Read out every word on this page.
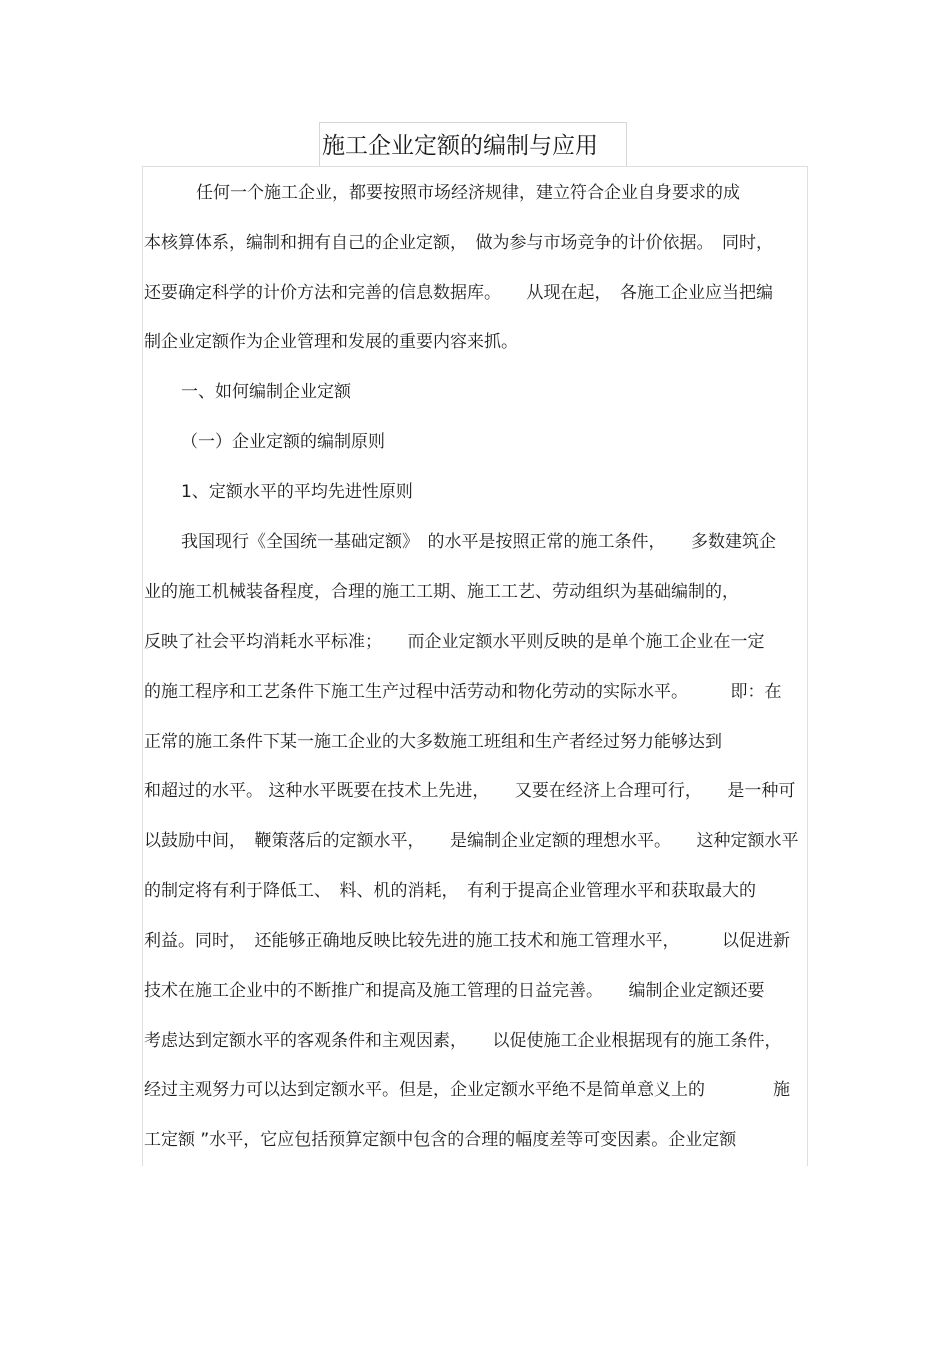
施工企业定额的编制与应用
任何一个施工企业，都要按照市场经济规律，建立符合企业自身要求的成
本核算体系，编制和拥有自己的企业定额，　做为参与市场竞争的计价依据。　同时，
还要确定科学的计价方法和完善的信息数据库。　　从现在起，　各施工企业应当把编
制企业定额作为企业管理和发展的重要内容来抓。
一、如何编制企业定额
（一）企业定额的编制原则
1、定额水平的平均先进性原则
我国现行《全国统一基础定额》　的水平是按照正常的施工条件，　　多数建筑企
业的施工机械装备程度，合理的施工工期、施工工艺、劳动组织为基础编制的，
反映了社会平均消耗水平标准；　　而企业定额水平则反映的是单个施工企业在一定
的施工程序和工艺条件下施工生产过程中活劳动和物化劳动的实际水平。　　　即：在
正常的施工条件下某一施工企业的大多数施工班组和生产者经过努力能够达到
和超过的水平。 这种水平既要在技术上先进，　　又要在经济上合理可行，　　是一种可
以鼓励中间，　鞭策落后的定额水平，　　是编制企业定额的理想水平。　　这种定额水平
的制定将有利于降低工、　料、机的消耗，　有利于提高企业管理水平和获取最大的
利益。同时，　还能够正确地反映比较先进的施工技术和施工管理水平，　　　以促进新
技术在施工企业中的不断推广和提高及施工管理的日益完善。　　编制企业定额还要
考虑达到定额水平的客观条件和主观因素，　　以促使施工企业根据现有的施工条件，
经过主观努力可以达到定额水平。但是，企业定额水平绝不是简单意义上的　　　　施
工定额 ”水平，它应包括预算定额中包含的合理的幅度差等可变因素。企业定额
